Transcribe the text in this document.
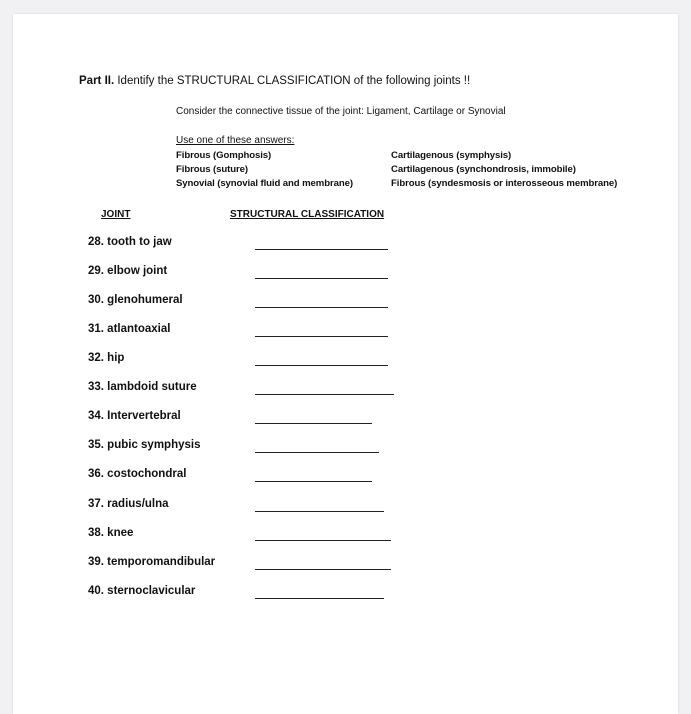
Part II. Identify the STRUCTURAL CLASSIFICATION of the following joints !!
Consider the connective tissue of the joint: Ligament, Cartilage or Synovial
Use one of these answers:
Fibrous (Gomphosis)
Fibrous (suture)
Synovial (synovial fluid and membrane)
Cartilagenous (symphysis)
Cartilagenous (synchondrosis, immobile)
Fibrous (syndesmosis or interosseous membrane)
JOINT	STRUCTURAL CLASSIFICATION
28. tooth to jaw
29. elbow joint
30. glenohumeral
31. atlantoaxial
32. hip
33. lambdoid suture
34. Intervertebral
35. pubic symphysis
36. costochondral
37. radius/ulna
38. knee
39. temporomandibular
40. sternoclavicular
